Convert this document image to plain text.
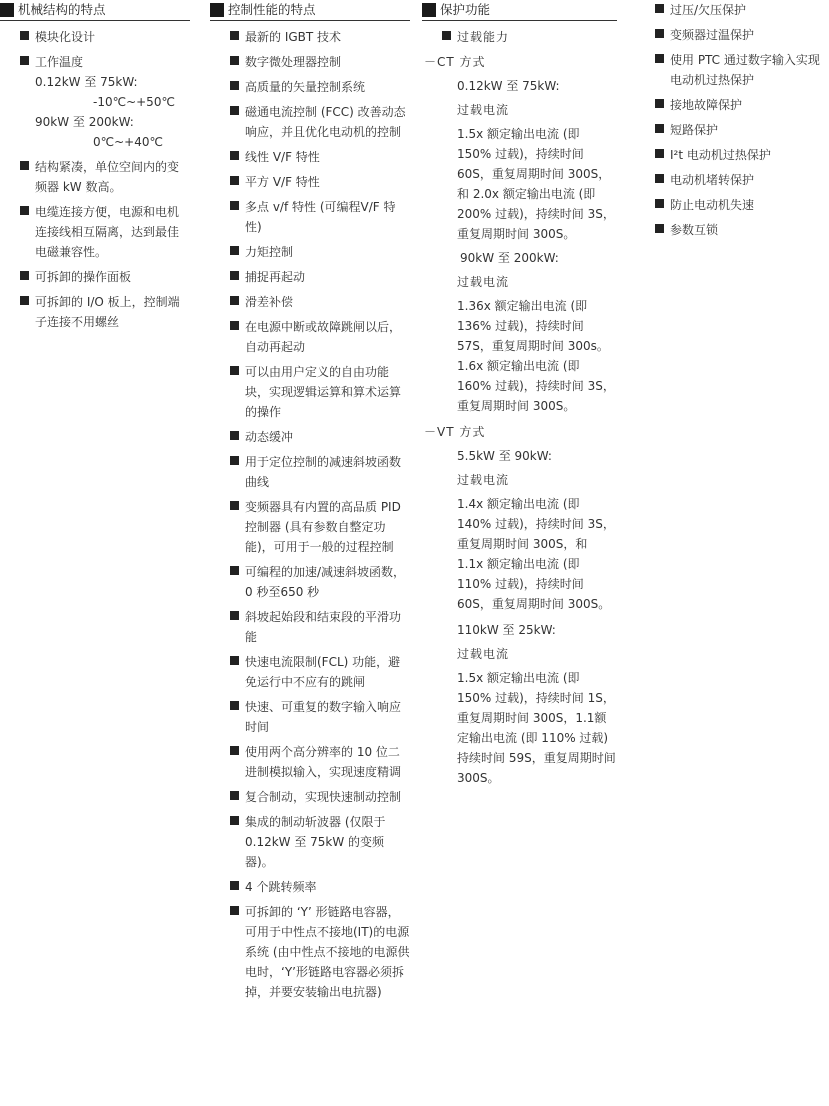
机械结构的特点
模块化设计
工作温度
0.12kW 至 75kW:
-10℃~+50℃
90kW 至 200kW:
0℃~+40℃
结构紧凑，单位空间内的变频器 kW 数高。
电缆连接方便，电源和电机连接线相互隔离，达到最佳电磁兼容性。
可拆卸的操作面板
可拆卸的 I/O 板上，控制端子连接不用螺丝
控制性能的特点
最新的 IGBT 技术
数字微处理器控制
高质量的矢量控制系统
磁通电流控制 (FCC) 改善动态响应，并且优化电动机的控制
线性 V/F 特性
平方 V/F 特性
多点 v/f 特性 (可编程V/F 特性)
力矩控制
捕捉再起动
滑差补偿
在电源中断或故障跳闸以后，自动再起动
可以由用户定义的自由功能块，实现逻辑运算和算术运算的操作
动态缓冲
用于定位控制的减速斜坡函数曲线
变频器具有内置的高品质 PID 控制器 (具有参数自整定功能)，可用于一般的过程控制
可编程的加速/减速斜坡函数，0 秒至650 秒
斜坡起始段和结束段的平滑功能
快速电流限制(FCL) 功能，避免运行中不应有的跳闸
快速、可重复的数字输入响应时间
使用两个高分辨率的 10 位二进制模拟输入，实现速度精调
复合制动，实现快速制动控制
集成的制动斩波器 (仅限于 0.12kW 至 75kW 的变频器)。
4 个跳转频率
可拆卸的 ‘Y’ 形链路电容器，可用于中性点不接地(IT)的电源系统 (由中性点不接地的电源供电时，‘Y’形链路电容器必须拆掉，并要安装输出电抗器)
保护功能
过载能力
－CT 方式
0.12kW 至 75kW:
过载电流
1.5x 额定输出电流 (即 150% 过载)，持续时间 60S，重复周期时间 300S，和 2.0x 额定输出电流 (即 200% 过载)，持续时间 3S，重复周期时间 300S。
90kW 至 200kW:
过载电流
1.36x 额定输出电流 (即 136% 过载)，持续时间 57S，重复周期时间 300s。1.6x 额定输出电流 (即 160% 过载)，持续时间 3S，重复周期时间 300S。
－VT 方式
5.5kW 至 90kW:
过载电流
1.4x 额定输出电流 (即 140% 过载)，持续时间 3S，重复周期时间 300S，和 1.1x 额定输出电流 (即 110% 过载)，持续时间 60S，重复周期时间 300S。
110kW 至 25kW:
过载电流
1.5x 额定输出电流 (即 150% 过载)，持续时间 1S，重复周期时间 300S，1.1额定输出电流 (即 110% 过载) 持续时间 59S，重复周期时间 300S。
过压/欠压保护
变频器过温保护
使用 PTC 通过数字输入实现电动机过热保护
接地故障保护
短路保护
I²t 电动机过热保护
电动机堵转保护
防止电动机失速
参数互锁
